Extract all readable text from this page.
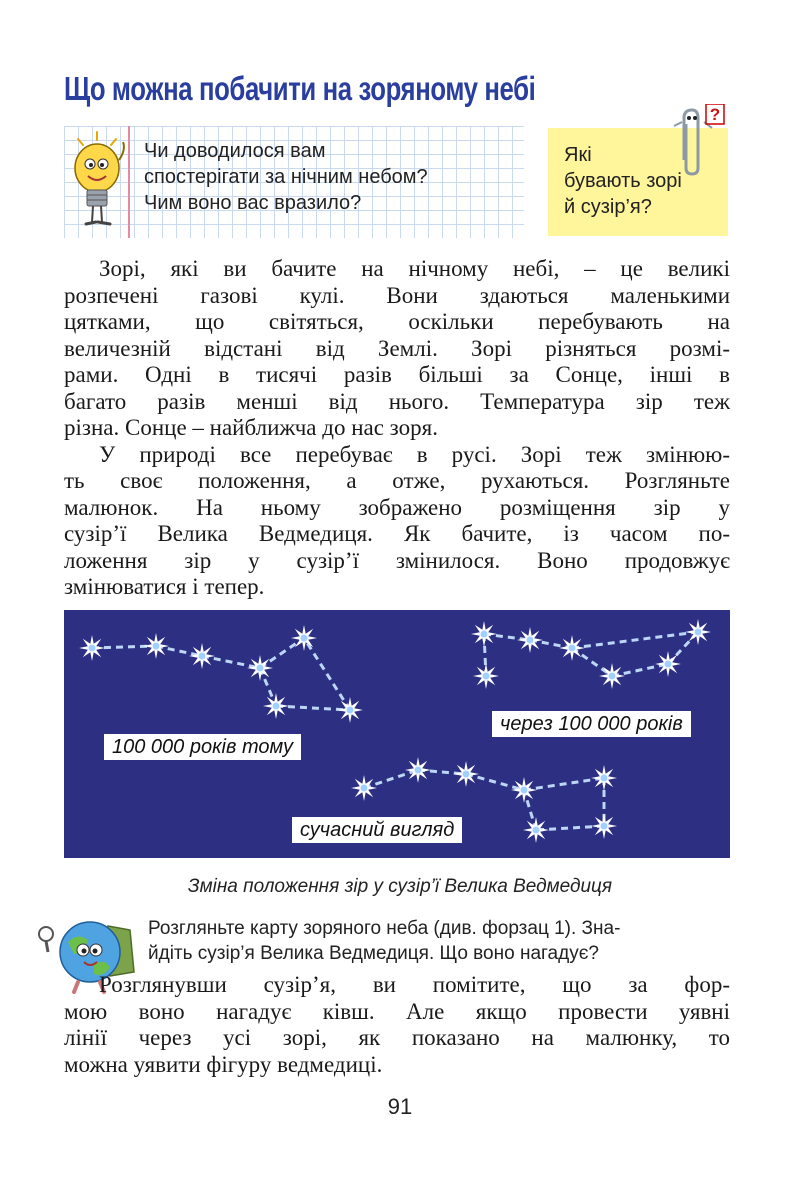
Що можна побачити на зоряному небі
Чи доводилося вам
спостерігати за нічним небом?
Чим воно вас вразило?
Які
бувають зорі
й сузір’я?
?
Зорі, які ви бачите на нічному небі, – це великі
розпечені газові кулі. Вони здаються маленькими
цятками, що світяться, оскільки перебувають на
величезній відстані від Землі. Зорі різняться розмі-
рами. Одні в тисячі разів більші за Сонце, інші в
багато разів менші від нього. Температура зір теж
різна. Сонце – найближча до нас зоря.
У природі все перебуває в русі. Зорі теж змінюю-
ть своє положення, а отже, рухаються. Розгляньте
малюнок. На ньому зображено розміщення зір у
сузір’ї Велика Ведмедиця. Як бачите, із часом по-
ложення зір у сузір’ї змінилося. Воно продовжує
змінюватися і тепер.
100 000 років тому
через 100 000 років
сучасний вигляд
Зміна положення зір у сузір’ї Велика Ведмедиця
Розгляньте карту зоряного неба (див. форзац 1). Зна-
йдіть сузір’я Велика Ведмедиця. Що воно нагадує?
Розглянувши сузір’я, ви помітите, що за фор-
мою воно нагадує ківш. Але якщо провести уявні
лінії через усі зорі, як показано на малюнку, то
можна уявити фігуру ведмедиці.
91
